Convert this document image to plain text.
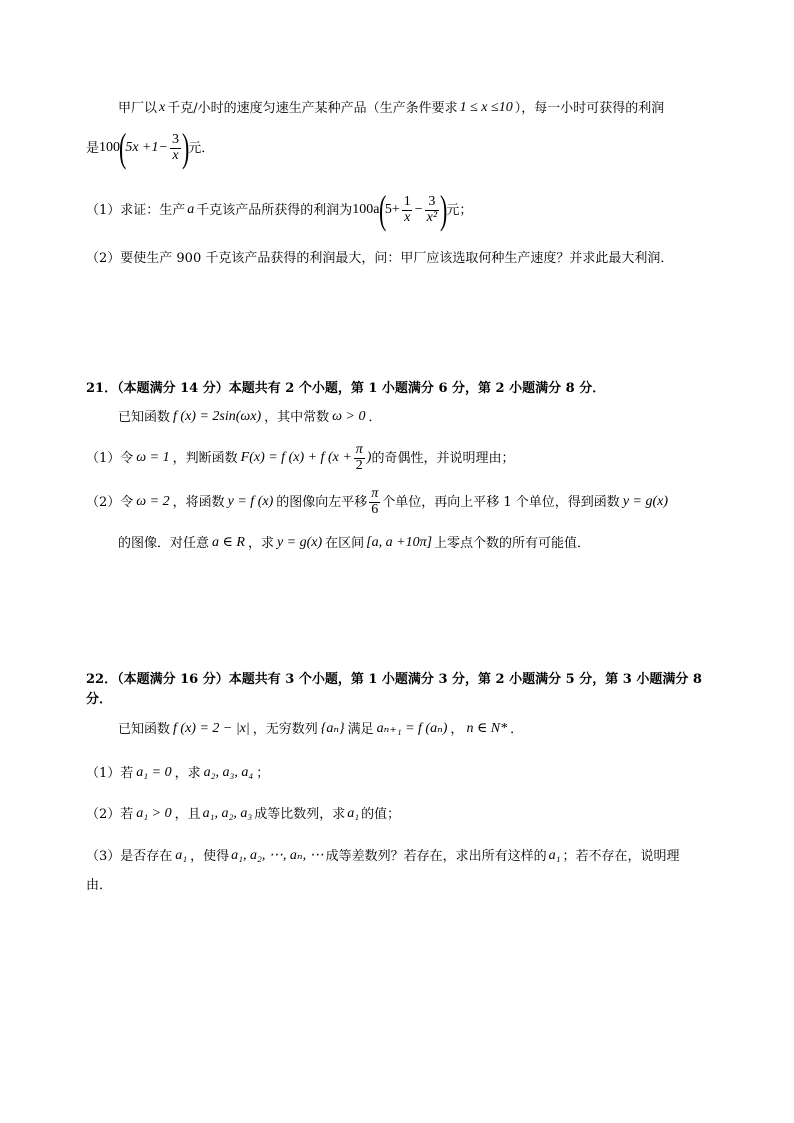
甲厂以 x 千克/小时的速度匀速生产某种产品（生产条件要求 1 ≤ x ≤10 ），每一小时可获得的利润
是 100
(
$5x +1- \frac{3}{x}$ )
元．
（1）求证：生产 a 千克该产品所获得的利润为 100a
(
$5+ \frac{1}{x} - \frac{3}{\text{x²}}$ )
元；
（2）要使生产 900 千克该产品获得的利润最大，问：甲厂应该选取何种生产速度？并求此最大利润．
21．（本题满分 14 分）本题共有 2 个小题，第 1 小题满分 6 分，第 2 小题满分 8 分．
已知函数 f (x) = 2sin(ωx) ，其中常数 ω > 0 ．
（1）令 ω = 1 ，判断函数 F(x) = f (x) + f ($x + \frac{\pi}{2}$ ) 的奇偶性，并说明理由；
（2）令 ω = 2 ，将函数 y = f (x) 的图像向左平移 $\frac{\pi}{6}$ 个单位，再向上平移 1 个单位，得到函数 y = g(x)
的图像．对任意 a ∈ R ，求 y = g(x) 在区间 [a, a +10π] 上零点个数的所有可能值．
22．（本题满分 16 分）本题共有 3 个小题，第 1 小题满分 3 分，第 2 小题满分 5 分，第 3 小题满分 8
分．
已知函数 f (x) = 2 − |x| ，无穷数列 {aₙ} 满足 aₙ₊₁ = f (aₙ) ， n ∈ N* ．
（1）若 a₁ = 0 ，求 a₂, a₃, a₄ ；
（2）若 a₁ > 0 ，且 a₁, a₂, a₃ 成等比数列，求 a₁ 的值；
（3）是否存在 a₁ ，使得 a₁, a₂, ⋯, aₙ, ⋯ 成等差数列？若存在，求出所有这样的 a₁ ；若不存在，说明理
由．
